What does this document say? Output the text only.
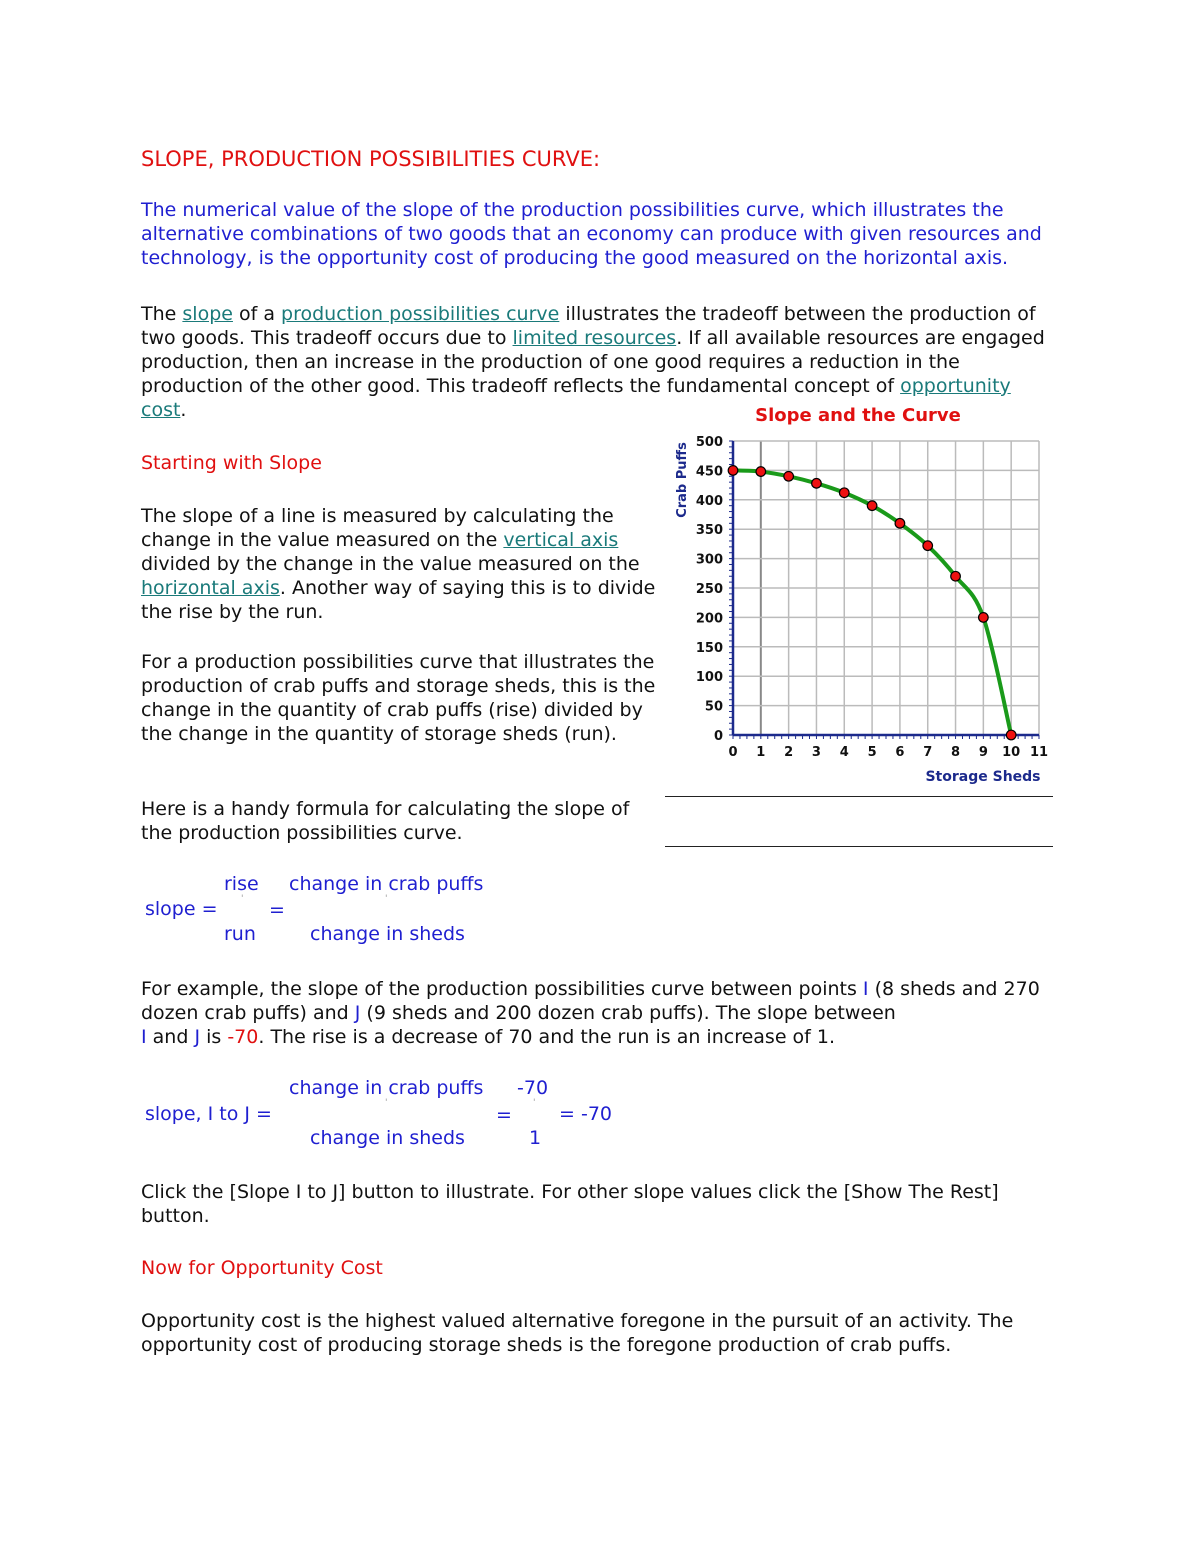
SLOPE, PRODUCTION POSSIBILITIES CURVE:

The numerical value of the slope of the production possibilities curve, which illustrates the alternative combinations of two goods that an economy can produce with given resources and technology, is the opportunity cost of producing the good measured on the horizontal axis.

The slope of a production possibilities curve illustrates the tradeoff between the production of two goods. This tradeoff occurs due to limited resources. If all available resources are engaged production, then an increase in the production of one good requires a reduction in the production of the other good. This tradeoff reflects the fundamental concept of opportunity cost.

Starting with Slope

The slope of a line is measured by calculating the change in the value measured on the vertical axis divided by the change in the value measured on the horizontal axis. Another way of saying this is to divide the rise by the run.

For a production possibilities curve that illustrates the production of crab puffs and storage sheds, this is the change in the quantity of crab puffs (rise) divided by the change in the quantity of storage sheds (run).

Here is a handy formula for calculating the slope of the production possibilities curve.

rise
'
slope =
run
=
change in crab puffs
'
change in sheds

For example, the slope of the production possibilities curve between points I (8 sheds and 270 dozen crab puffs) and J (9 sheds and 200 dozen crab puffs). The slope between
I and J is -70. The rise is a decrease of 70 and the run is an increase of 1.

change in crab puffs
'
slope, I to J =
change in sheds
=
-70
'
1
= -70

Click the [Slope I to J] button to illustrate. For other slope values click the [Show The Rest] button.

Now for Opportunity Cost

Opportunity cost is the highest valued alternative foregone in the pursuit of an activity. The opportunity cost of producing storage sheds is the foregone production of crab puffs.

Slope and the Curve
0
50
100
150
200
250
300
350
400
450
500
0 1 2 3 4 5 6 7 8 9 10 11
Crab Puffs
Storage Sheds
